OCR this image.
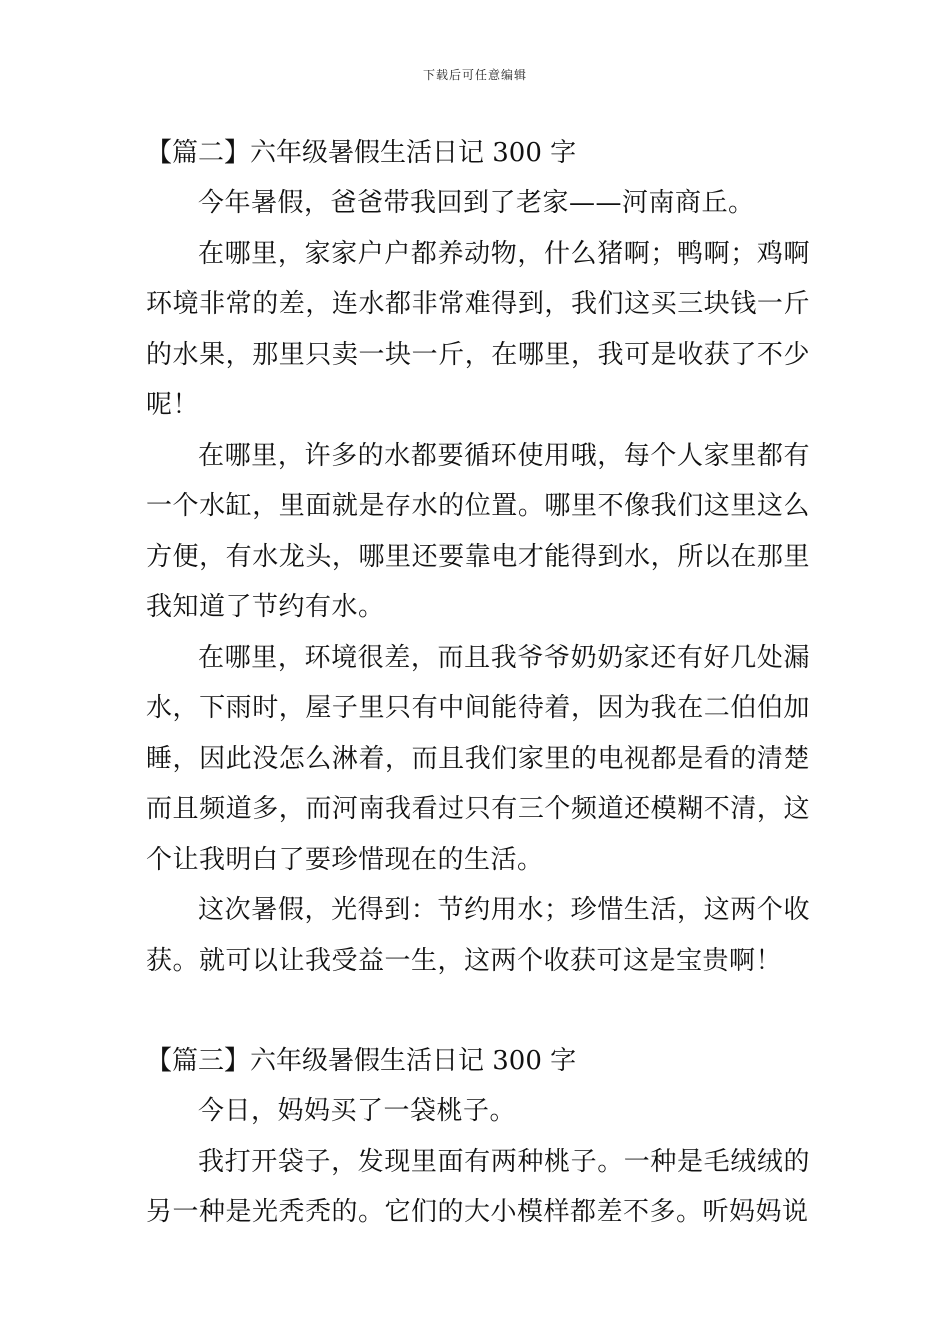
下载后可任意编辑
【篇二】六年级暑假生活日记 300 字

今年暑假，爸爸带我回到了老家——河南商丘。

在哪里，家家户户都养动物，什么猪啊；鸭啊；鸡啊环境非常的差，连水都非常难得到，我们这买三块钱一斤的水果，那里只卖一块一斤，在哪里，我可是收获了不少呢！

在哪里，许多的水都要循环使用哦，每个人家里都有一个水缸，里面就是存水的位置。哪里不像我们这里这么方便，有水龙头，哪里还要靠电才能得到水，所以在那里我知道了节约有水。

在哪里，环境很差，而且我爷爷奶奶家还有好几处漏水，下雨时，屋子里只有中间能待着，因为我在二伯伯加睡，因此没怎么淋着，而且我们家里的电视都是看的清楚而且频道多，而河南我看过只有三个频道还模糊不清，这个让我明白了要珍惜现在的生活。

这次暑假，光得到：节约用水；珍惜生活，这两个收获。就可以让我受益一生，这两个收获可这是宝贵啊！

【篇三】六年级暑假生活日记 300 字

今日，妈妈买了一袋桃子。

我打开袋子，发现里面有两种桃子。一种是毛绒绒的另一种是光秃秃的。它们的大小模样都差不多。听妈妈说
